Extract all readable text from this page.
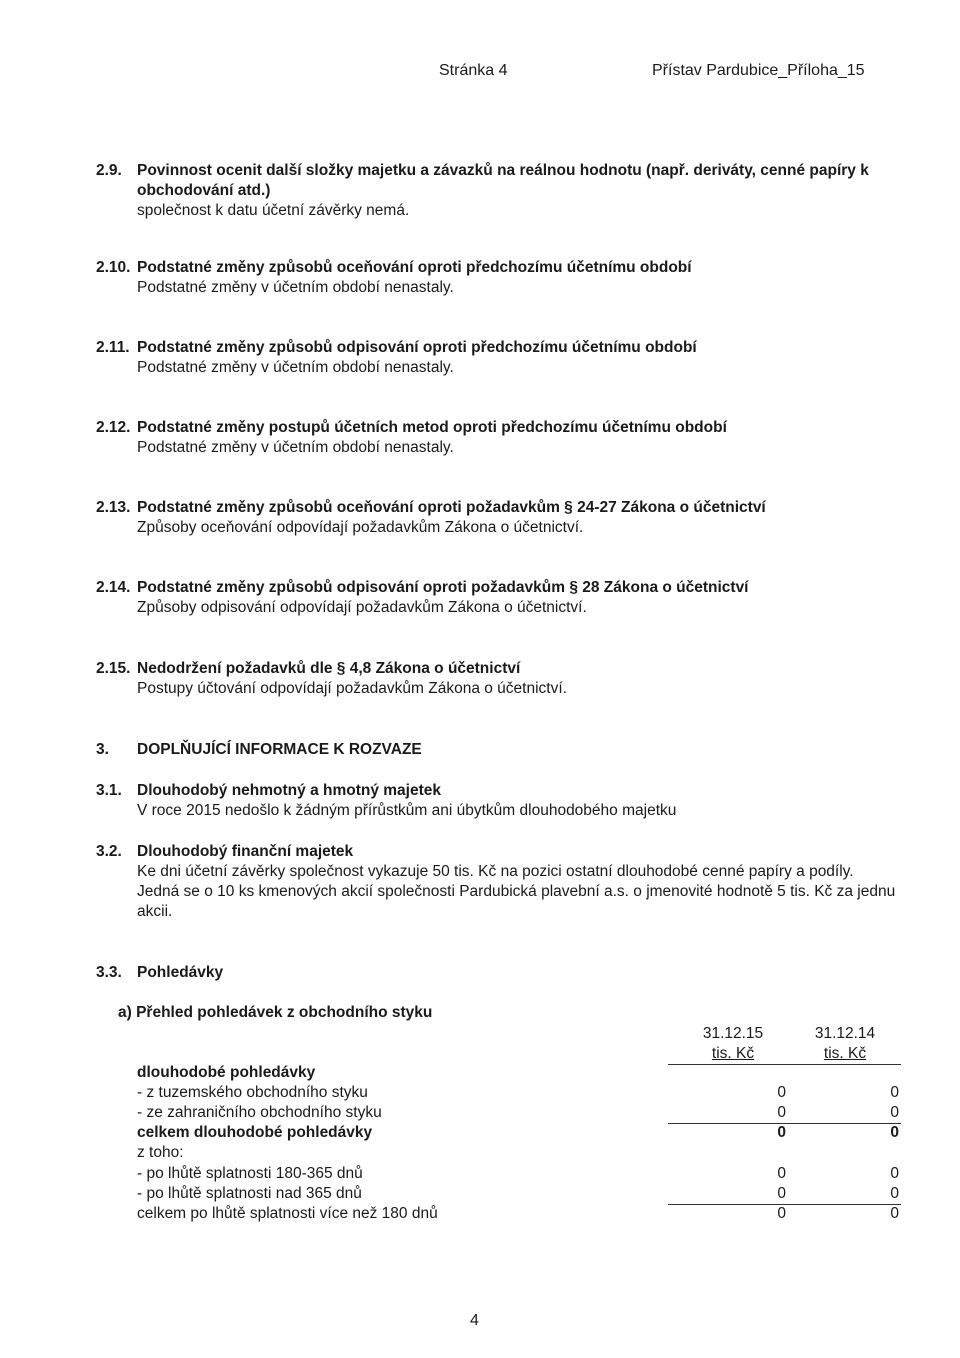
Stránka 4	Přístav Pardubice_Příloha_15
2.9. Povinnost ocenit další složky majetku a závazků na reálnou hodnotu (např. deriváty, cenné papíry k obchodování atd.)
společnost k datu účetní závěrky nemá.
2.10. Podstatné změny způsobů oceňování oproti předchozímu účetnímu období
Podstatné změny v účetním období nenastaly.
2.11. Podstatné změny způsobů odpisování oproti předchozímu účetnímu období
Podstatné změny v účetním období nenastaly.
2.12. Podstatné změny postupů účetních metod oproti předchozímu účetnímu období
Podstatné změny v účetním období nenastaly.
2.13. Podstatné změny způsobů oceňování oproti požadavkům § 24-27 Zákona o účetnictví
Způsoby oceňování odpovídají požadavkům Zákona o účetnictví.
2.14. Podstatné změny způsobů odpisování oproti požadavkům § 28 Zákona o účetnictví
Způsoby odpisování odpovídají požadavkům Zákona o účetnictví.
2.15. Nedodržení požadavků dle § 4,8 Zákona o účetnictví
Postupy účtování odpovídají požadavkům Zákona o účetnictví.
3. DOPLŇUJÍCÍ INFORMACE K ROZVAZE
3.1. Dlouhodobý nehmotný a hmotný majetek
V roce 2015 nedošlo k žádným přírůstkům ani úbytkům dlouhodobého majetku
3.2. Dlouhodobý finanční majetek
Ke dni účetní závěrky společnost vykazuje 50 tis. Kč na pozici ostatní dlouhodobé cenné papíry a podíly. Jedná se o 10 ks kmenových akcií společnosti Pardubická plavební a.s. o jmenovité hodnotě 5 tis. Kč za jednu akcii.
3.3. Pohledávky
a) Přehled pohledávek z obchodního styku
31.12.15
tis. Kč
31.12.14
tis. Kč
dlouhodobé pohledávky
- z tuzemského obchodního styku	0	0
- ze zahraničního obchodního styku	0	0
celkem dlouhodobé pohledávky	0	0
z toho:
- po lhůtě splatnosti 180-365 dnů	0	0
- po lhůtě splatnosti nad 365 dnů	0	0
celkem po lhůtě splatnosti více než 180 dnů	0	0
4
